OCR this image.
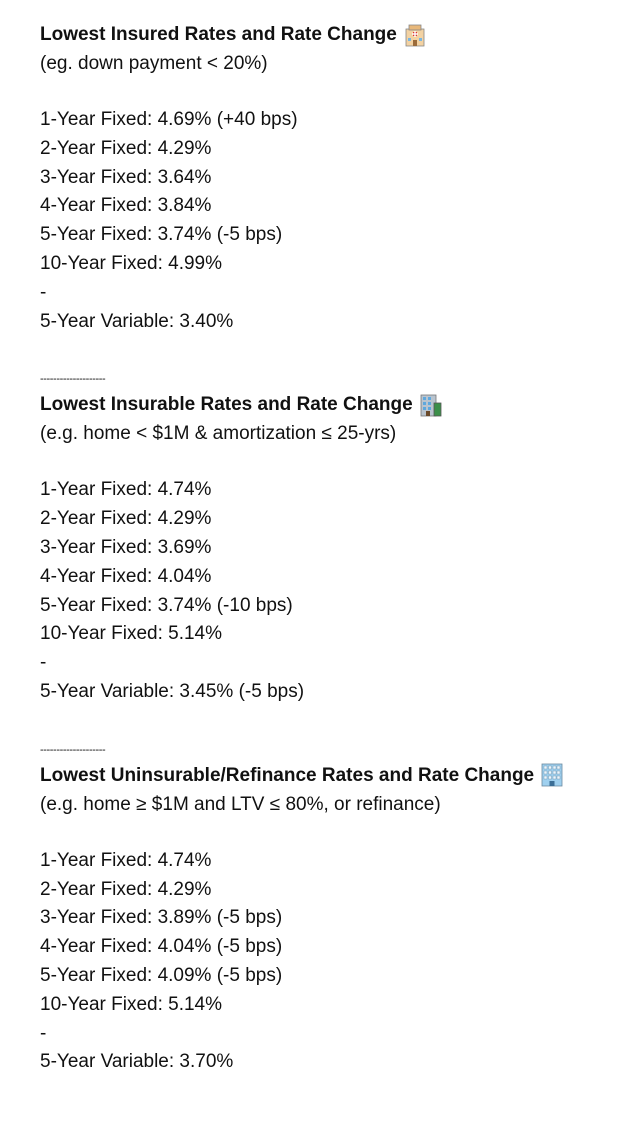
Lowest Insured Rates and Rate Change
(eg. down payment < 20%)
1-Year Fixed: 4.69% (+40 bps)
2-Year Fixed: 4.29%
3-Year Fixed: 3.64%
4-Year Fixed: 3.84%
5-Year Fixed: 3.74% (-5 bps)
10-Year Fixed: 4.99%
-
5-Year Variable: 3.40%
--------------------
Lowest Insurable Rates and Rate Change
(e.g. home < $1M & amortization ≤ 25-yrs)
1-Year Fixed: 4.74%
2-Year Fixed: 4.29%
3-Year Fixed: 3.69%
4-Year Fixed: 4.04%
5-Year Fixed: 3.74% (-10 bps)
10-Year Fixed: 5.14%
-
5-Year Variable: 3.45% (-5 bps)
--------------------
Lowest Uninsurable/Refinance Rates and Rate Change
(e.g. home ≥ $1M and LTV ≤ 80%, or refinance)
1-Year Fixed: 4.74%
2-Year Fixed: 4.29%
3-Year Fixed: 3.89% (-5 bps)
4-Year Fixed: 4.04% (-5 bps)
5-Year Fixed: 4.09% (-5 bps)
10-Year Fixed: 5.14%
-
5-Year Variable: 3.70%
